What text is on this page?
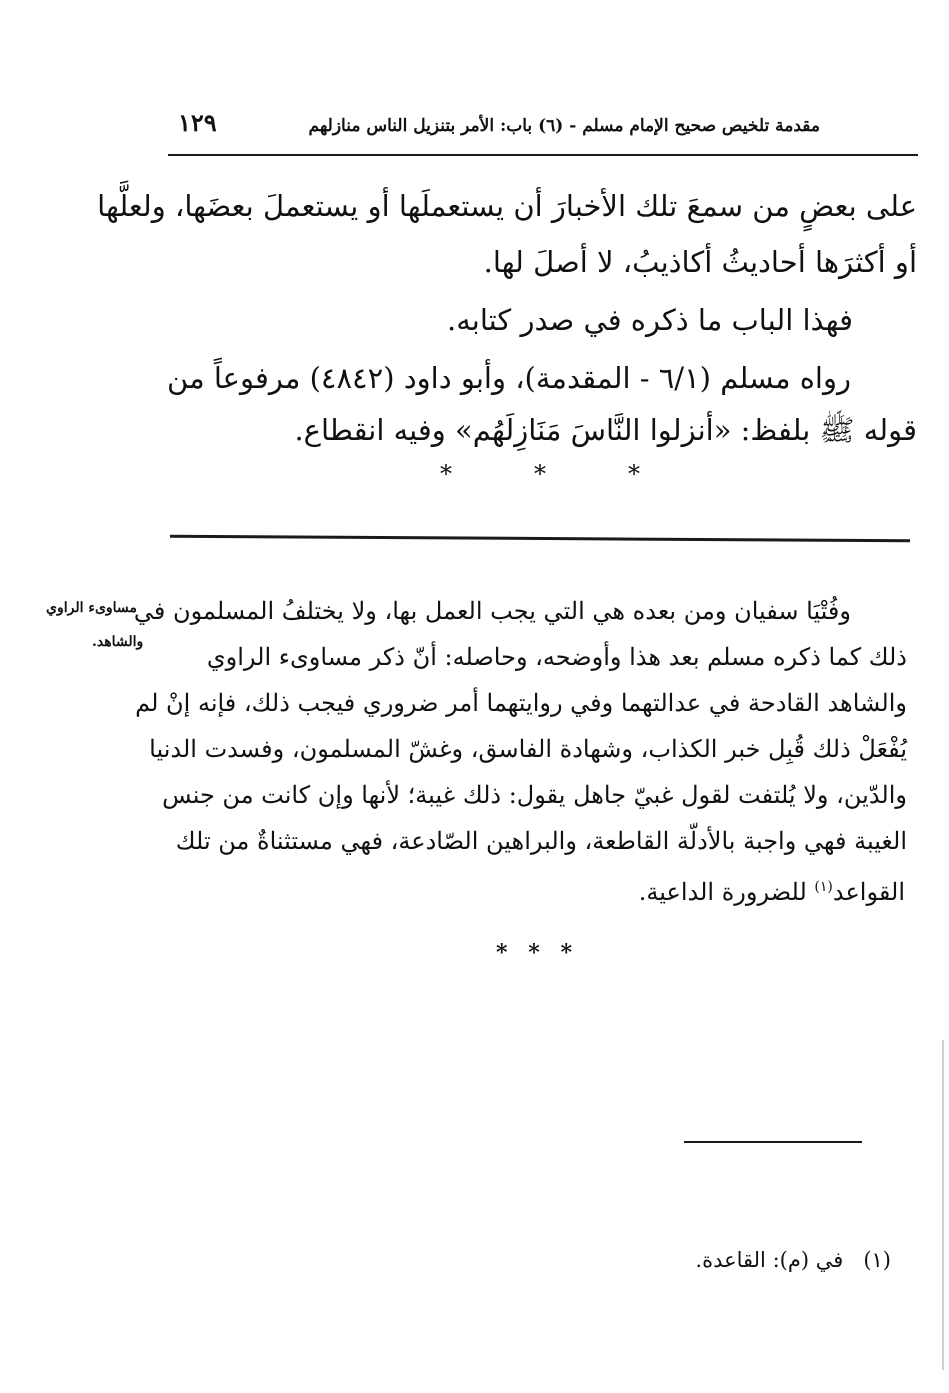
مقدمة تلخيص صحيح الإمام مسلم - (٦) باب: الأمر بتنزيل الناس منازلهم
١٢٩
على بعضٍ من سمعَ تلك الأخبارَ أن يستعملَها أو يستعملَ بعضَها، ولعلَّها
أو أكثرَها أحاديثُ أكاذيبُ، لا أصلَ لها.
فهذا الباب ما ذكره في صدر كتابه.
رواه مسلم (٦/١ - المقدمة)، وأبو داود (٤٨٤٢) مرفوعاً من
قوله ﷺ بلفظ: «أنزلوا النَّاسَ مَنَازِلَهُم» وفيه انقطاع.
*	*	*
وفُتْيَا سفيان ومن بعده هي التي يجب العمل بها، ولا يختلفُ المسلمون في
ذلك كما ذكره مسلم بعد هذا وأوضحه، وحاصله: أنّ ذكر مساوىء الراوي
والشاهد القادحة في عدالتهما وفي روايتهما أمر ضروري فيجب ذلك، فإنه إنْ لم
يُفْعَلْ ذلك قُبِل خبر الكذاب، وشهادة الفاسق، وغشّ المسلمون، وفسدت الدنيا
والدّين، ولا يُلتفت لقول غبيّ جاهل يقول: ذلك غيبة؛ لأنها وإن كانت من جنس
الغيبة فهي واجبة بالأدلّة القاطعة، والبراهين الصّادعة، فهي مستثناةٌ من تلك
القواعد$^{(١)}$ للضرورة الداعية.
مساوىء الراوي
والشاهد.
* * *
(١)   في (م): القاعدة.
